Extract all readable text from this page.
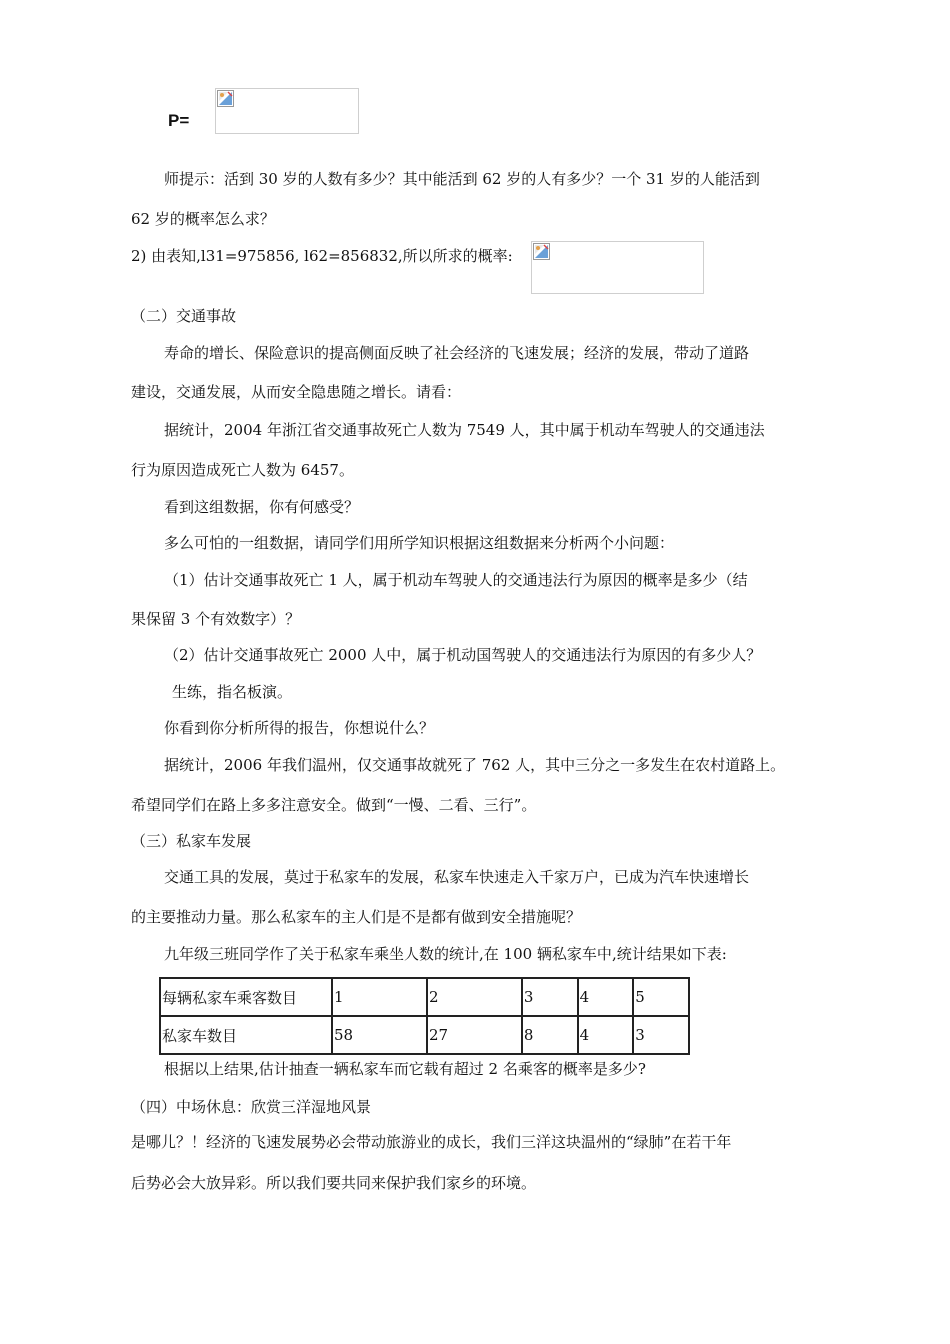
P=
师提示：活到 30 岁的人数有多少？其中能活到 62 岁的人有多少？一个 31 岁的人能活到
62 岁的概率怎么求？
2) 由表知,l31=975856, l62=856832,所以所求的概率:
（二）交通事故
寿命的增长、保险意识的提高侧面反映了社会经济的飞速发展；经济的发展，带动了道路
建设，交通发展，从而安全隐患随之增长。请看：
据统计，2004 年浙江省交通事故死亡人数为 7549 人，其中属于机动车驾驶人的交通违法
行为原因造成死亡人数为 6457。
看到这组数据，你有何感受？
多么可怕的一组数据，请同学们用所学知识根据这组数据来分析两个小问题：
（1）估计交通事故死亡 1 人，属于机动车驾驶人的交通违法行为原因的概率是多少（结
果保留 3 个有效数字）？
（2）估计交通事故死亡 2000 人中，属于机动国驾驶人的交通违法行为原因的有多少人？
生练，指名板演。
你看到你分析所得的报告，你想说什么？
据统计，2006 年我们温州，仅交通事故就死了 762 人，其中三分之一多发生在农村道路上。
希望同学们在路上多多注意安全。做到“一慢、二看、三行”。
（三）私家车发展
交通工具的发展，莫过于私家车的发展，私家车快速走入千家万户，已成为汽车快速增长
的主要推动力量。那么私家车的主人们是不是都有做到安全措施呢？
九年级三班同学作了关于私家车乘坐人数的统计,在 100 辆私家车中,统计结果如下表:
每辆私家车乘客数目	1	2	3	4	5
私家车数目	58	27	8	4	3
根据以上结果,估计抽查一辆私家车而它载有超过 2 名乘客的概率是多少?
（四）中场休息：欣赏三洋湿地风景
是哪儿？！经济的飞速发展势必会带动旅游业的成长，我们三洋这块温州的“绿肺”在若干年
后势必会大放异彩。所以我们要共同来保护我们家乡的环境。
